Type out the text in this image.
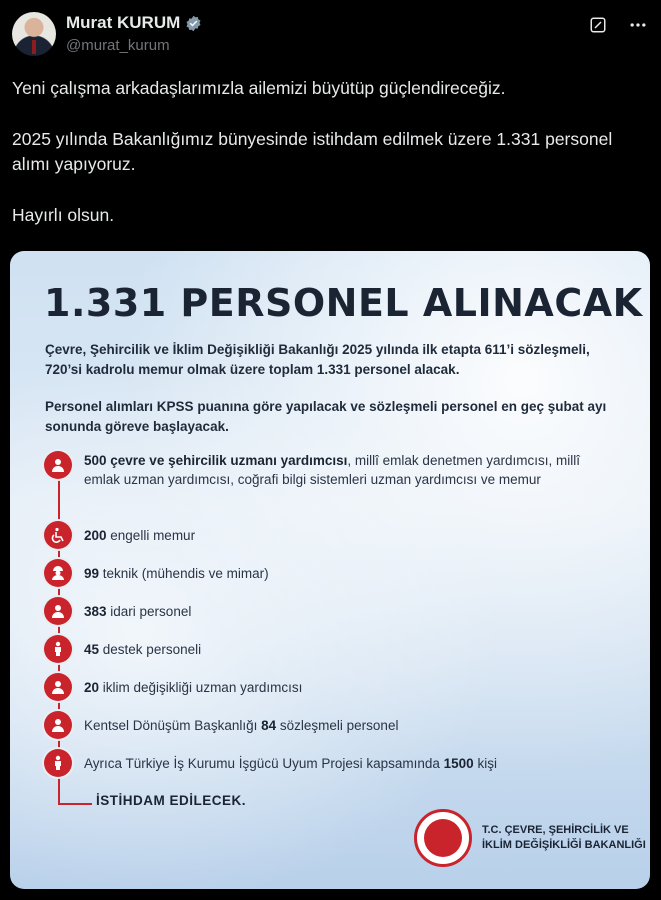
Murat KURUM
@murat_kurum

Yeni çalışma arkadaşlarımızla ailemizi büyütüp güçlendireceğiz.

2025 yılında Bakanlığımız bünyesinde istihdam edilmek üzere 1.331 personel alımı yapıyoruz.

Hayırlı olsun.

1.331 PERSONEL ALINACAK
Çevre, Şehircilik ve İklim Değişikliği Bakanlığı 2025 yılında ilk etapta 611’i sözleşmeli, 720’si kadrolu memur olmak üzere toplam 1.331 personel alacak.
Personel alımları KPSS puanına göre yapılacak ve sözleşmeli personel en geç şubat ayı sonunda göreve başlayacak.
500 çevre ve şehircilik uzmanı yardımcısı, millî emlak denetmen yardımcısı, millî emlak uzman yardımcısı, coğrafi bilgi sistemleri uzman yardımcısı ve memur
200 engelli memur
99 teknik (mühendis ve mimar)
383 idari personel
45 destek personeli
20 iklim değişikliği uzman yardımcısı
Kentsel Dönüşüm Başkanlığı 84 sözleşmeli personel
Ayrıca Türkiye İş Kurumu İşgücü Uyum Projesi kapsamında 1500 kişi
İSTİHDAM EDİLECEK.
T.C. ÇEVRE, ŞEHİRCİLİK VE
İKLİM DEĞİŞİKLİĞİ BAKANLIĞI
